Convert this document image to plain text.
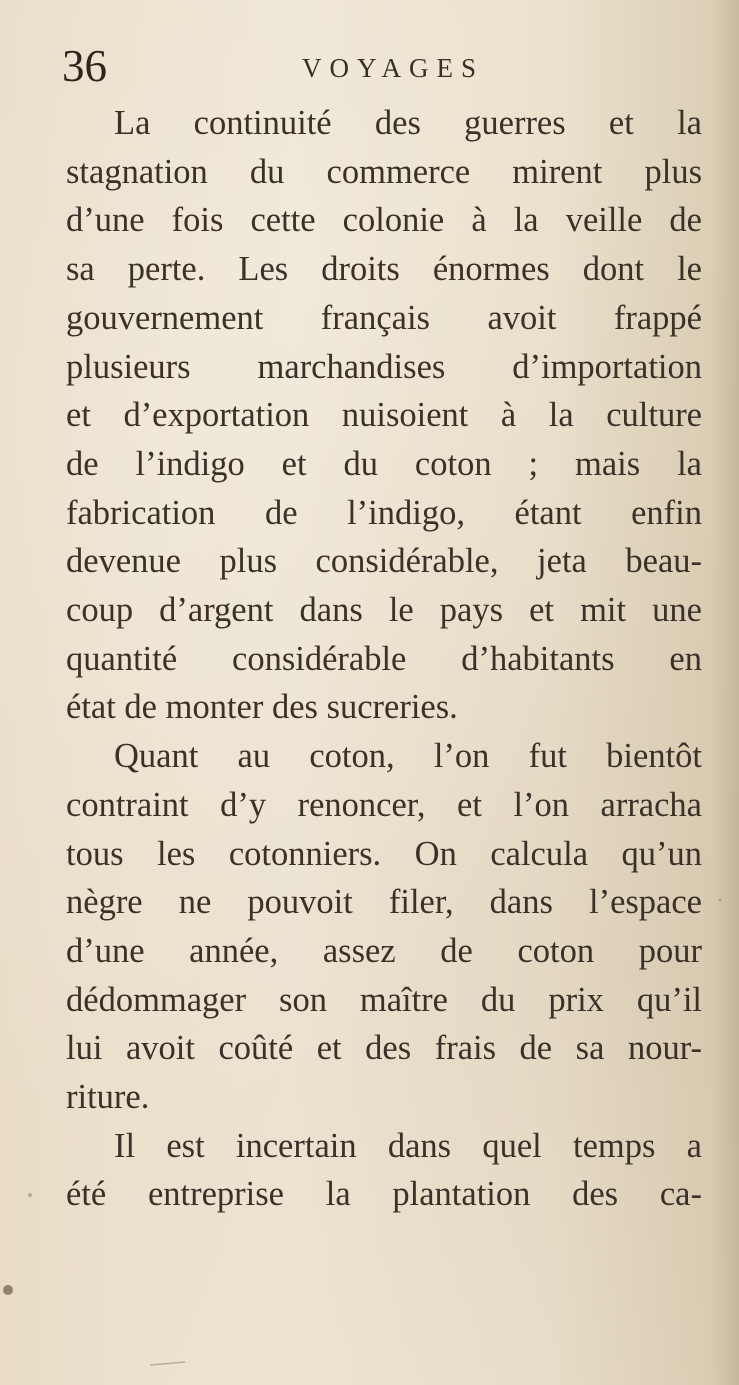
36	VOYAGES

La continuité des guerres et la
stagnation du commerce mirent plus
d’une fois cette colonie à la veille de
sa perte. Les droits énormes dont le
gouvernement français avoit frappé
plusieurs marchandises d’importation
et d’exportation nuisoient à la culture
de l’indigo et du coton ; mais la
fabrication de l’indigo, étant enfin
devenue plus considérable, jeta beau-
coup d’argent dans le pays et mit une
quantité considérable d’habitants en
état de monter des sucreries.

Quant au coton, l’on fut bientôt
contraint d’y renoncer, et l’on arracha
tous les cotonniers. On calcula qu’un
nègre ne pouvoit filer, dans l’espace
d’une année, assez de coton pour
dédommager son maître du prix qu’il
lui avoit coûté et des frais de sa nour-
riture.

Il est incertain dans quel temps a
été entreprise la plantation des ca-
